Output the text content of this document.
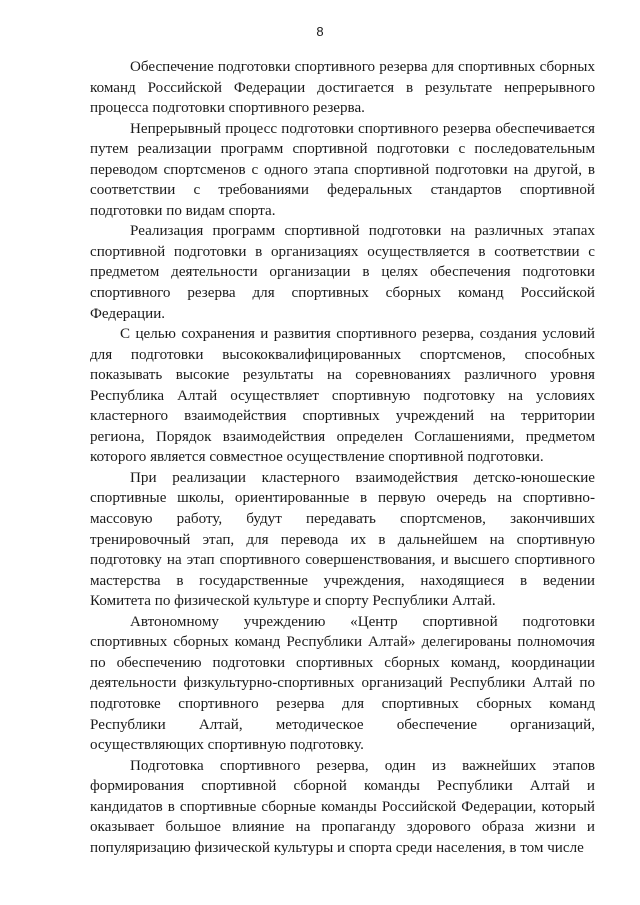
8
Обеспечение подготовки спортивного резерва для спортивных сборных
команд Российской Федерации достигается в результате непрерывного
процесса подготовки спортивного резерва.
Непрерывный процесс подготовки спортивного резерва обеспечивается
путем реализации программ спортивной подготовки с последовательным
переводом спортсменов с одного этапа спортивной подготовки на другой, в
соответствии с требованиями федеральных стандартов спортивной
подготовки по видам спорта.
Реализация программ спортивной подготовки на различных этапах
спортивной подготовки в организациях осуществляется в соответствии с
предметом деятельности организации в целях обеспечения подготовки
спортивного резерва для спортивных сборных команд Российской
Федерации.
С целью сохранения и развития спортивного резерва, создания условий
для подготовки высококвалифицированных спортсменов, способных
показывать высокие результаты на соревнованиях различного уровня
Республика Алтай осуществляет спортивную подготовку на условиях
кластерного взаимодействия спортивных учреждений на территории
региона, Порядок взаимодействия определен Соглашениями, предметом
которого является совместное осуществление спортивной подготовки.
При реализации кластерного взаимодействия детско-юношеские
спортивные школы, ориентированные в первую очередь на спортивно-
массовую работу, будут передавать спортсменов, закончивших
тренировочный этап, для перевода их в дальнейшем на спортивную
подготовку на этап спортивного совершенствования, и высшего спортивного
мастерства в государственные учреждения, находящиеся в ведении
Комитета по физической культуре и спорту Республики Алтай.
Автономному учреждению «Центр спортивной подготовки
спортивных сборных команд Республики Алтай» делегированы полномочия
по обеспечению подготовки спортивных сборных команд, координации
деятельности физкультурно-спортивных организаций Республики Алтай по
подготовке спортивного резерва для спортивных сборных команд
Республики Алтай, методическое обеспечение организаций,
осуществляющих спортивную подготовку.
Подготовка спортивного резерва, один из важнейших этапов
формирования спортивной сборной команды Республики Алтай и
кандидатов в спортивные сборные команды Российской Федерации, который
оказывает большое влияние на пропаганду здорового образа жизни и
популяризацию физической культуры и спорта среди населения, в том числе
